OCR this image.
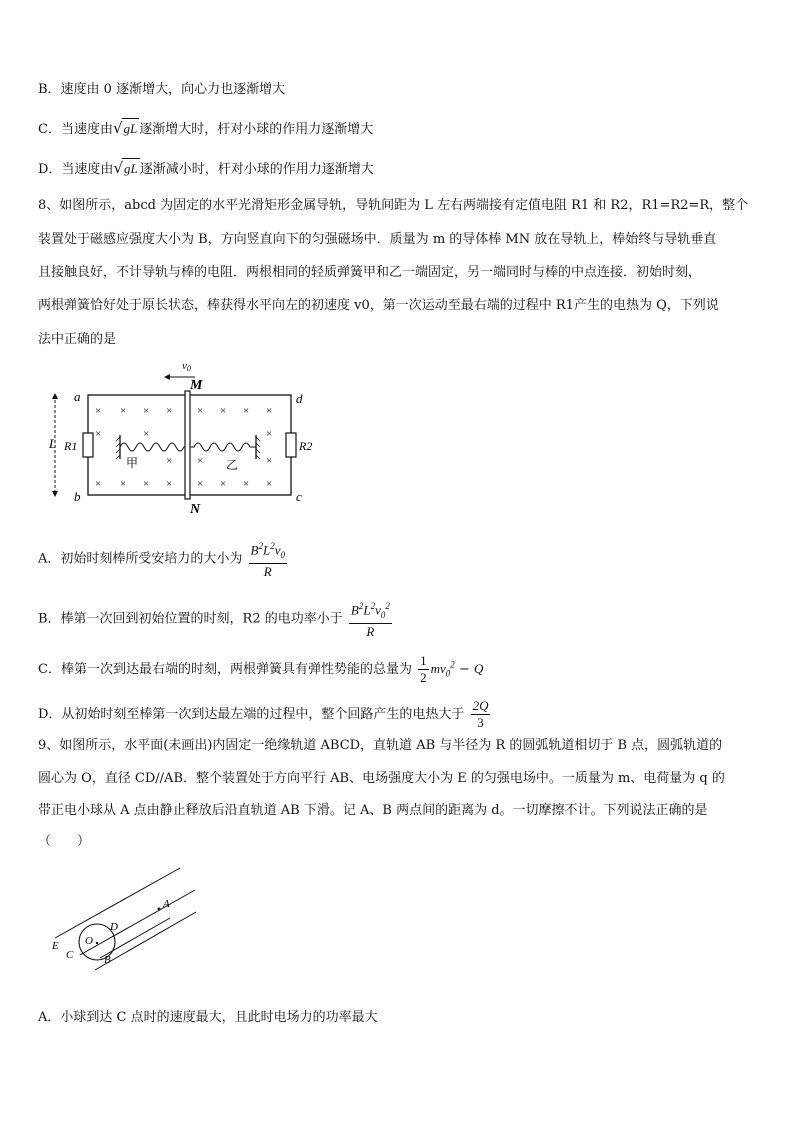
B．速度由 0 逐渐增大，向心力也逐渐增大
C．当速度由√gL 逐渐增大时，杆对小球的作用力逐渐增大
D．当速度由√gL 逐渐减小时，杆对小球的作用力逐渐增大
8、如图所示，abcd 为固定的水平光滑矩形金属导轨，导轨间距为 L 左右两端接有定值电阻 R1 和 R2，R1=R2=R，整个
装置处于磁感应强度大小为 B，方向竖直向下的匀强磁场中．质量为 m 的导体棒 MN 放在导轨上，棒始终与导轨垂直
且接触良好，不计导轨与棒的电阻．两根相同的轻质弹簧甲和乙一端固定，另一端同时与棒的中点连接．初始时刻，
两根弹簧恰好处于原长状态，棒获得水平向左的初速度 v0，第一次运动至最右端的过程中 R1产生的电热为 Q，下列说
法中正确的是
L R1	R2
a
b	c
d
M
N
v0
× × × × × × × ×
×	×	×
× ×	×
× × × × × × × ×
甲	乙
A．初始时刻棒所受安培力的大小为 $\frac{B^2L^2v_0}{R}$
B．棒第一次回到初始位置的时刻，R2 的电功率小于 $\frac{B^2L^2v_0^2}{R}$
C．棒第一次到达最右端的时刻，两根弹簧具有弹性势能的总量为 $\frac{1}{2} mv_0^2 - Q$
D．从初始时刻至棒第一次到达最左端的过程中，整个回路产生的电热大于 $\frac{2Q}{3}$
9、如图所示，水平面(未画出)内固定一绝缘轨道 ABCD，直轨道 AB 与半径为 R 的圆弧轨道相切于 B 点，圆弧轨道的
圆心为 O，直径 CD//AB．整个装置处于方向平行 AB、电场强度大小为 E 的匀强电场中。一质量为 m、电荷量为 q 的
带正电小球从 A 点由静止释放后沿直轨道 AB 下滑。记 A、B 两点间的距离为 d。一切摩擦不计。下列说法正确的是
（　　）
A
B
C
D
E O
A．小球到达 C 点时的速度最大，且此时电场力的功率最大
